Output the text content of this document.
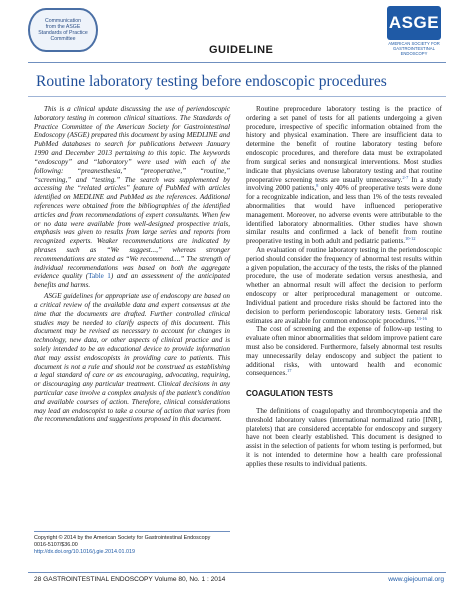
Communication
from the ASGE
Standards of Practice
Committee
GUIDELINE
ASGE
AMERICAN SOCIETY FOR
GASTROINTESTINAL ENDOSCOPY
Routine laboratory testing before endoscopic procedures

This is a clinical update discussing the use of periendoscopic laboratory testing in common clinical situations. The Standards of Practice Committee of the American Society for Gastrointestinal Endoscopy (ASGE) prepared this document by using MEDLINE and PubMed databases to search for publications between January 1990 and December 2013 pertaining to this topic. The keywords “endoscopy” and “laboratory” were used with each of the following: “preanesthesia,” “preoperative,” “routine,” “screening,” and “testing.” The search was supplemented by accessing the “related articles” feature of PubMed with articles identified on MEDLINE and PubMed as the references. Additional references were obtained from the bibliographies of the identified articles and from recommendations of expert consultants. When few or no data were available from well-designed prospective trials, emphasis was given to results from large series and reports from recognized experts. Weaker recommendations are indicated by phrases such as “We suggest...,” whereas stronger recommendations are stated as “We recommend....” The strength of individual recommendations was based on both the aggregate evidence quality (Table 1) and an assessment of the anticipated benefits and harms.

ASGE guidelines for appropriate use of endoscopy are based on a critical review of the available data and expert consensus at the time that the documents are drafted. Further controlled clinical studies may be needed to clarify aspects of this document. This document may be revised as necessary to account for changes in technology, new data, or other aspects of clinical practice and is solely intended to be an educational device to provide information that may assist endoscopists in providing care to patients. This document is not a rule and should not be construed as establishing a legal standard of care or as encouraging, advocating, requiring, or discouraging any particular treatment. Clinical decisions in any particular case involve a complex analysis of the patient’s condition and available courses of action. Therefore, clinical considerations may lead an endoscopist to take a course of action that varies from the recommendations and suggestions proposed in this document.

Routine preprocedure laboratory testing is the practice of ordering a set panel of tests for all patients undergoing a given procedure, irrespective of specific information obtained from the history and physical examination. There are insufficient data to determine the benefit of routine laboratory testing before endoscopic procedures, and therefore data must be extrapolated from surgical series and nonsurgical interventions. Most studies indicate that physicians overuse laboratory testing and that routine preoperative screening tests are usually unnecessary.$^{2-7}$ In a study involving 2000 patients,$^8$ only 40% of preoperative tests were done for a recognizable indication, and less than 1% of the tests revealed abnormalities that would have influenced perioperative management. Moreover, no adverse events were attributable to the identified laboratory abnormalities. Other studies have shown similar results and confirmed a lack of benefit from routine preoperative testing in both adult and pediatric patients.$^{10-12}$

An evaluation of routine laboratory testing in the periendoscopic period should consider the frequency of abnormal test results within a given population, the accuracy of the tests, the risks of the planned procedure, the use of moderate sedation versus anesthesia, and whether an abnormal result will affect the decision to perform endoscopy or alter periprocedural management or outcome. Individual patient and procedure risks should be factored into the decision to perform periendoscopic laboratory tests. General risk estimates are available for common endoscopic procedures.$^{13-16}$

The cost of screening and the expense of follow-up testing to evaluate often minor abnormalities that seldom improve patient care must also be considered. Furthermore, falsely abnormal test results may unnecessarily delay endoscopy and subject the patient to additional risks, with untoward health and economic consequences.$^{17}$

COAGULATION TESTS

The definitions of coagulopathy and thrombocytopenia and the threshold laboratory values (international normalized ratio [INR], platelets) that are considered acceptable for endoscopy and surgery have not been clearly established. This document is designed to assist in the selection of patients for whom testing is performed, but it is not intended to determine how a health care professional applies these results to individual patients.

Copyright © 2014 by the American Society for Gastrointestinal Endoscopy
0016-5107/$36.00
http://dx.doi.org/10.1016/j.gie.2014.01.019
28 GASTROINTESTINAL ENDOSCOPY Volume 80, No. 1 : 2014	www.giejournal.org
